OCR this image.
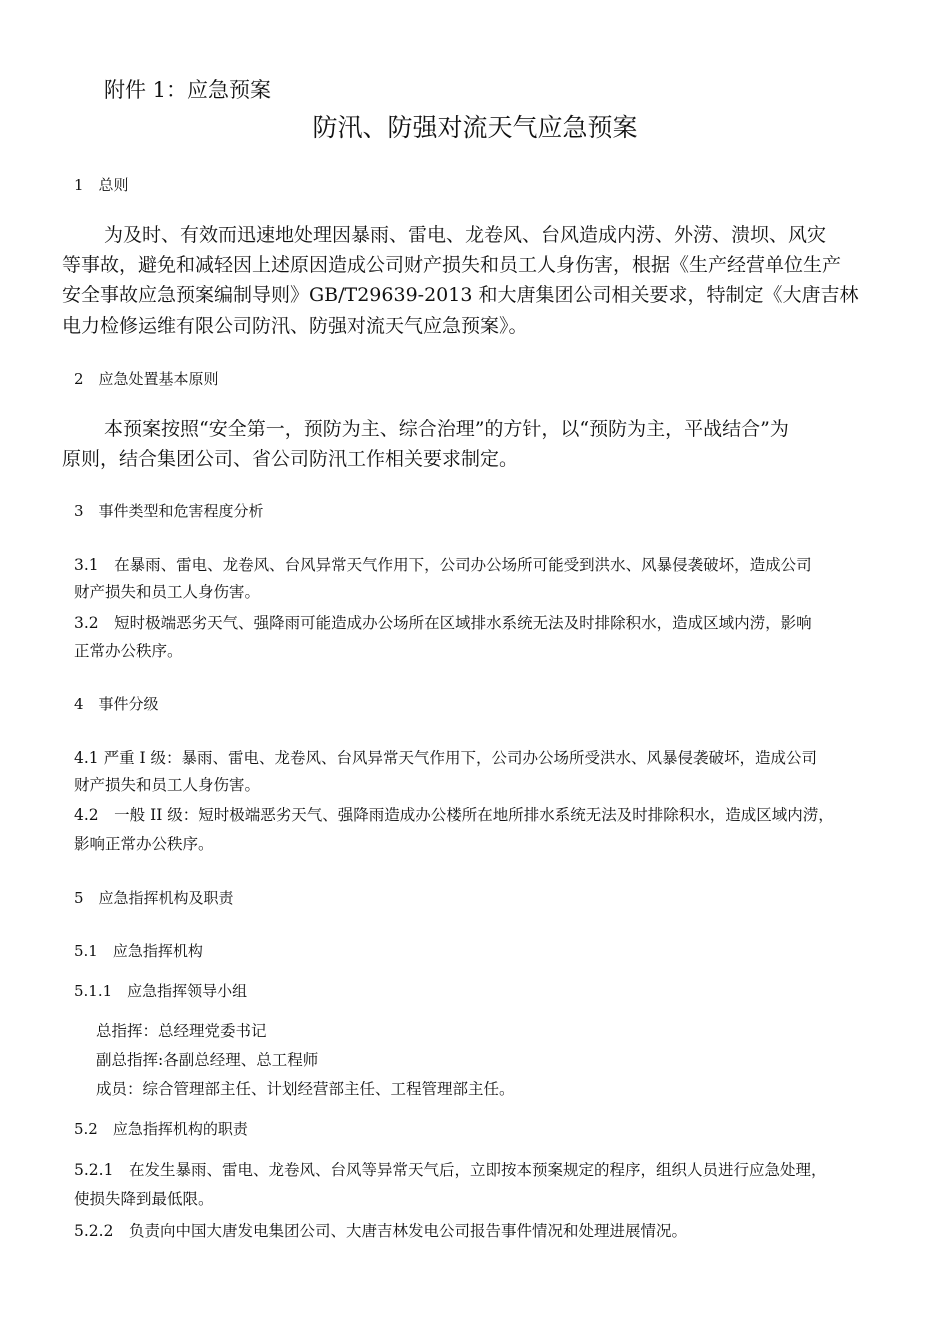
附件 1：应急预案
防汛、防强对流天气应急预案
1　总则
为及时、有效而迅速地处理因暴雨、雷电、龙卷风、台风造成内涝、外涝、溃坝、风灾
等事故，避免和减轻因上述原因造成公司财产损失和员工人身伤害，根据《生产经营单位生产
安全事故应急预案编制导则》GB/T29639-2013 和大唐集团公司相关要求，特制定《大唐吉林
电力检修运维有限公司防汛、防强对流天气应急预案》。
2　应急处置基本原则
本预案按照“安全第一，预防为主、综合治理”的方针，以“预防为主，平战结合”为
原则，结合集团公司、省公司防汛工作相关要求制定。
3　事件类型和危害程度分析
3.1　在暴雨、雷电、龙卷风、台风异常天气作用下，公司办公场所可能受到洪水、风暴侵袭破坏，造成公司
财产损失和员工人身伤害。
3.2　短时极端恶劣天气、强降雨可能造成办公场所在区域排水系统无法及时排除积水，造成区域内涝，影响
正常办公秩序。
4　事件分级
4.1 严重 I 级：暴雨、雷电、龙卷风、台风异常天气作用下，公司办公场所受洪水、风暴侵袭破坏，造成公司
财产损失和员工人身伤害。
4.2　一般 II 级：短时极端恶劣天气、强降雨造成办公楼所在地所排水系统无法及时排除积水，造成区域内涝，
影响正常办公秩序。
5　应急指挥机构及职责
5.1　应急指挥机构
5.1.1　应急指挥领导小组
总指挥：总经理党委书记
副总指挥:各副总经理、总工程师
成员：综合管理部主任、计划经营部主任、工程管理部主任。
5.2　应急指挥机构的职责
5.2.1　在发生暴雨、雷电、龙卷风、台风等异常天气后，立即按本预案规定的程序，组织人员进行应急处理，
使损失降到最低限。
5.2.2　负责向中国大唐发电集团公司、大唐吉林发电公司报告事件情况和处理进展情况。
